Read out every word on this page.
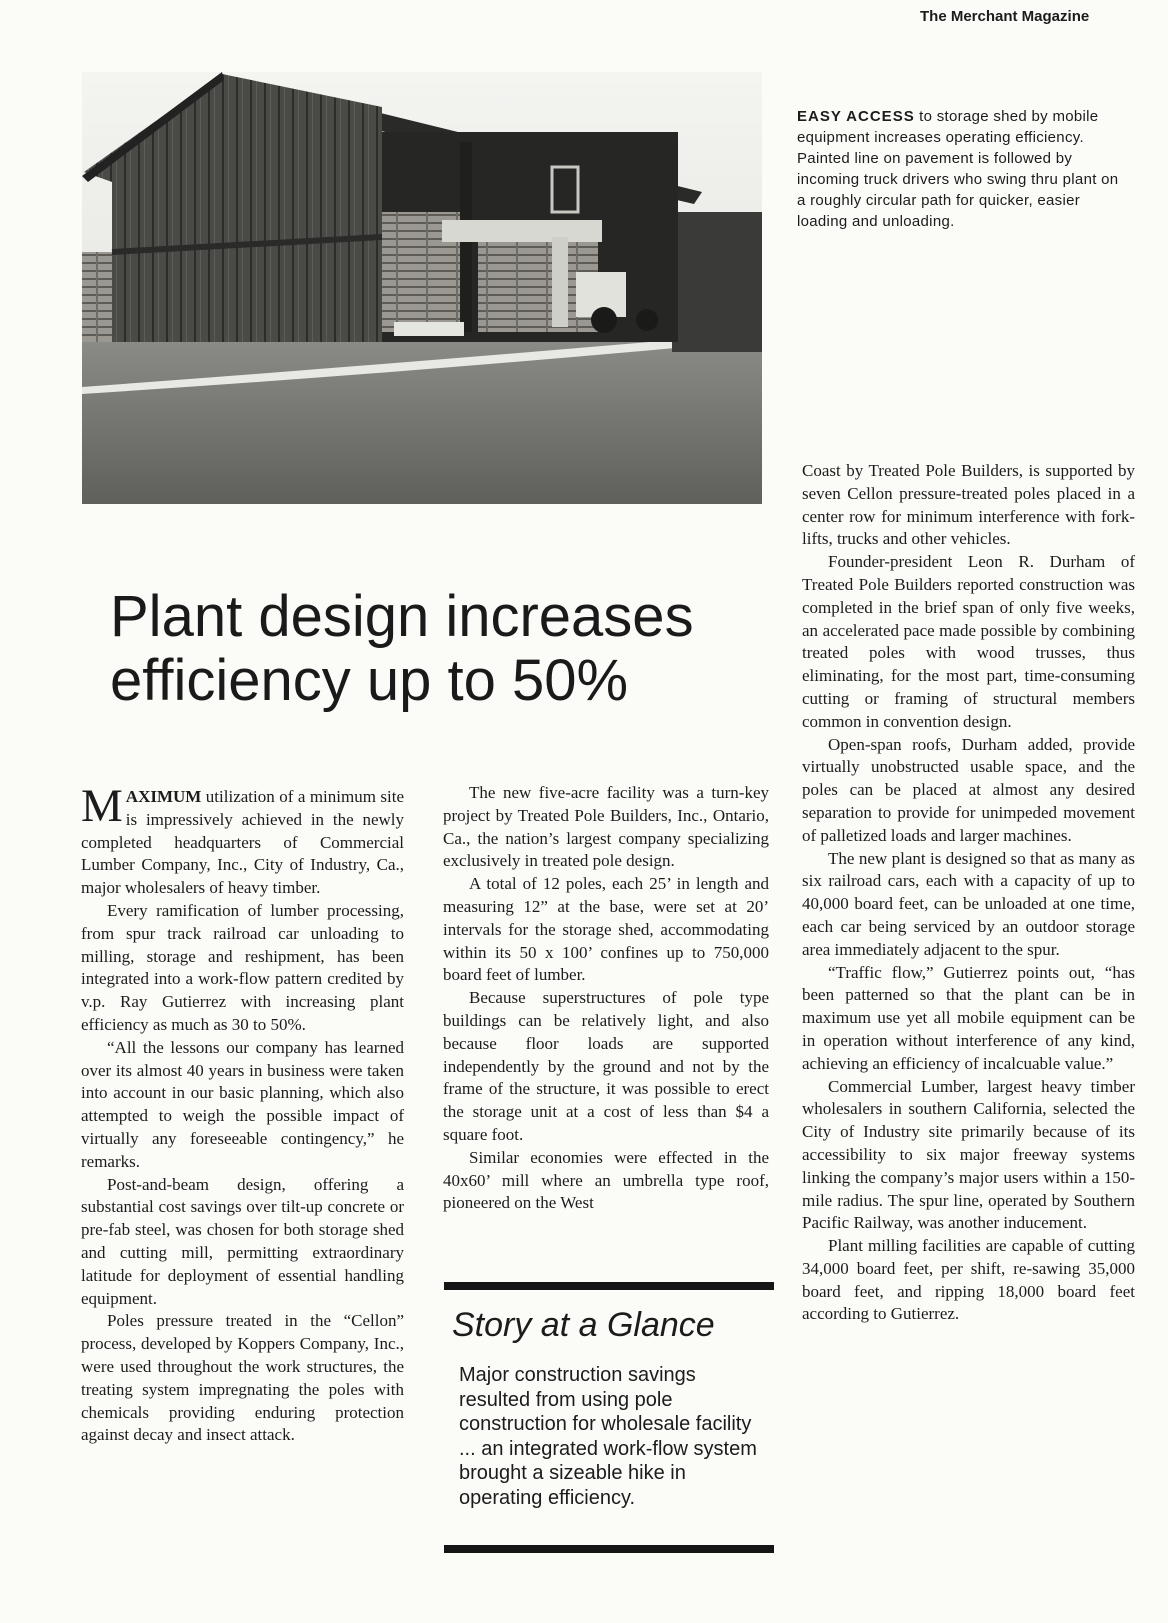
The Merchant Magazine
EASY ACCESS to storage shed by mobile equipment increases operating efficiency. Painted line on pavement is followed by incoming truck drivers who swing thru plant on a roughly circular path for quicker, easier loading and unloading.
Plant design increases
efficiency up to 50%

MAXIMUM utilization of a minimum site is impressively achieved in the newly completed headquarters of Commercial Lumber Company, Inc., City of Industry, Ca., major wholesalers of heavy timber.

Every ramification of lumber processing, from spur track railroad car unloading to milling, storage and reshipment, has been integrated into a work-flow pattern credited by v.p. Ray Gutierrez with increasing plant efficiency as much as 30 to 50%.

“All the lessons our company has learned over its almost 40 years in business were taken into account in our basic planning, which also attempted to weigh the possible impact of virtually any foreseeable contingency,” he remarks.

Post-and-beam design, offering a substantial cost savings over tilt-up concrete or pre-fab steel, was chosen for both storage shed and cutting mill, permitting extraordinary latitude for deployment of essential handling equipment.

Poles pressure treated in the “Cellon” process, developed by Koppers Company, Inc., were used throughout the work structures, the treating system impregnating the poles with chemicals providing enduring protection against decay and insect attack.

The new five-acre facility was a turn-key project by Treated Pole Builders, Inc., Ontario, Ca., the nation’s largest company specializing exclusively in treated pole design.

A total of 12 poles, each 25’ in length and measuring 12” at the base, were set at 20’ intervals for the storage shed, accommodating within its 50 x 100’ confines up to 750,000 board feet of lumber.

Because superstructures of pole type buildings can be relatively light, and also because floor loads are supported independently by the ground and not by the frame of the structure, it was possible to erect the storage unit at a cost of less than $4 a square foot.

Similar economies were effected in the 40x60’ mill where an umbrella type roof, pioneered on the West

Story at a Glance
Major construction savings resulted from using pole construction for wholesale facility ... an integrated work-flow system brought a sizeable hike in operating efficiency.

Coast by Treated Pole Builders, is supported by seven Cellon pressure-treated poles placed in a center row for minimum interference with fork-lifts, trucks and other vehicles.

Founder-president Leon R. Durham of Treated Pole Builders reported construction was completed in the brief span of only five weeks, an accelerated pace made possible by combining treated poles with wood trusses, thus eliminating, for the most part, time-consuming cutting or framing of structural members common in convention design.

Open-span roofs, Durham added, provide virtually unobstructed usable space, and the poles can be placed at almost any desired separation to provide for unimpeded movement of palletized loads and larger machines.

The new plant is designed so that as many as six railroad cars, each with a capacity of up to 40,000 board feet, can be unloaded at one time, each car being serviced by an outdoor storage area immediately adjacent to the spur.

“Traffic flow,” Gutierrez points out, “has been patterned so that the plant can be in maximum use yet all mobile equipment can be in operation without interference of any kind, achieving an efficiency of incalcuable value.”

Commercial Lumber, largest heavy timber wholesalers in southern California, selected the City of Industry site primarily because of its accessibility to six major freeway systems linking the company’s major users within a 150-mile radius. The spur line, operated by Southern Pacific Railway, was another inducement.

Plant milling facilities are capable of cutting 34,000 board feet, per shift, re-sawing 35,000 board feet, and ripping 18,000 board feet according to Gutierrez.
